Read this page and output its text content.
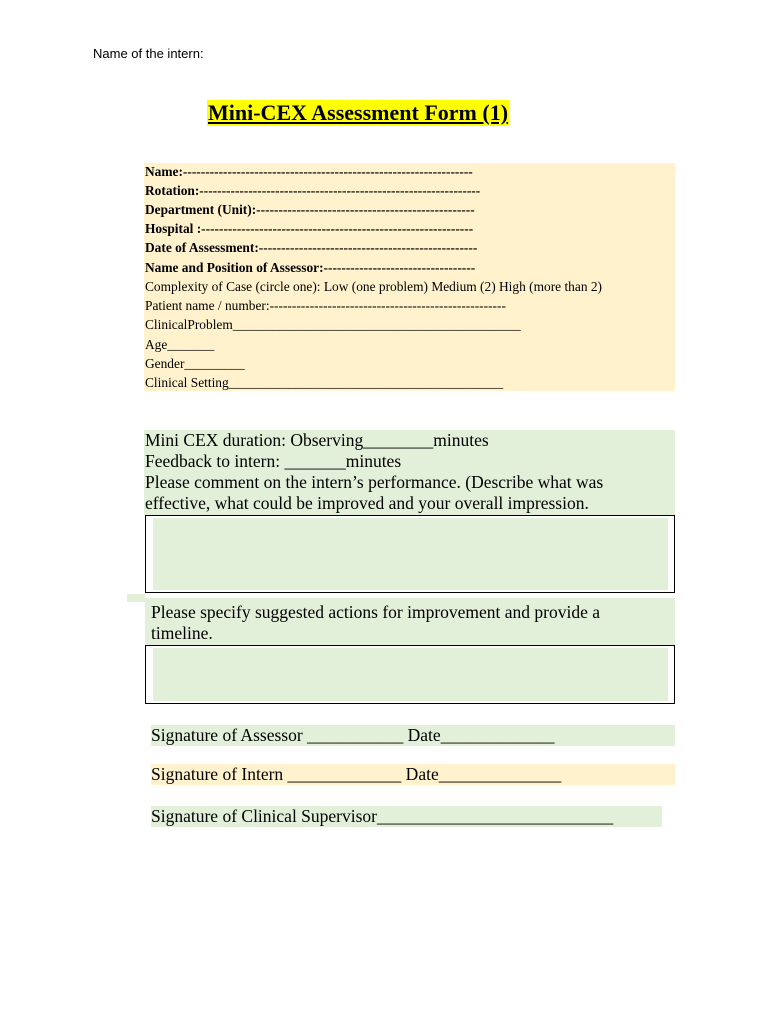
Name of the intern:
Mini-CEX Assessment Form (1)
Name:-----------------------------------------------------------------
Rotation:---------------------------------------------------------------
Department (Unit):-------------------------------------------------
Hospital :-------------------------------------------------------------
Date of Assessment:-------------------------------------------------
Name and Position of Assessor:----------------------------------
Complexity of Case (circle one): Low (one problem) Medium (2) High (more than 2)
Patient name / number:-----------------------------------------------------
ClinicalProblem___________________________________________
Age_______
Gender_________
Clinical Setting_________________________________________
Mini CEX duration: Observing________minutes
Feedback to intern: _______minutes
Please comment on the intern’s performance. (Describe what was
effective, what could be improved and your overall impression.
Please specify suggested actions for improvement and provide a
timeline.
Signature of Assessor ___________ Date_____________
Signature of Intern _____________ Date______________
Signature of Clinical Supervisor___________________________
